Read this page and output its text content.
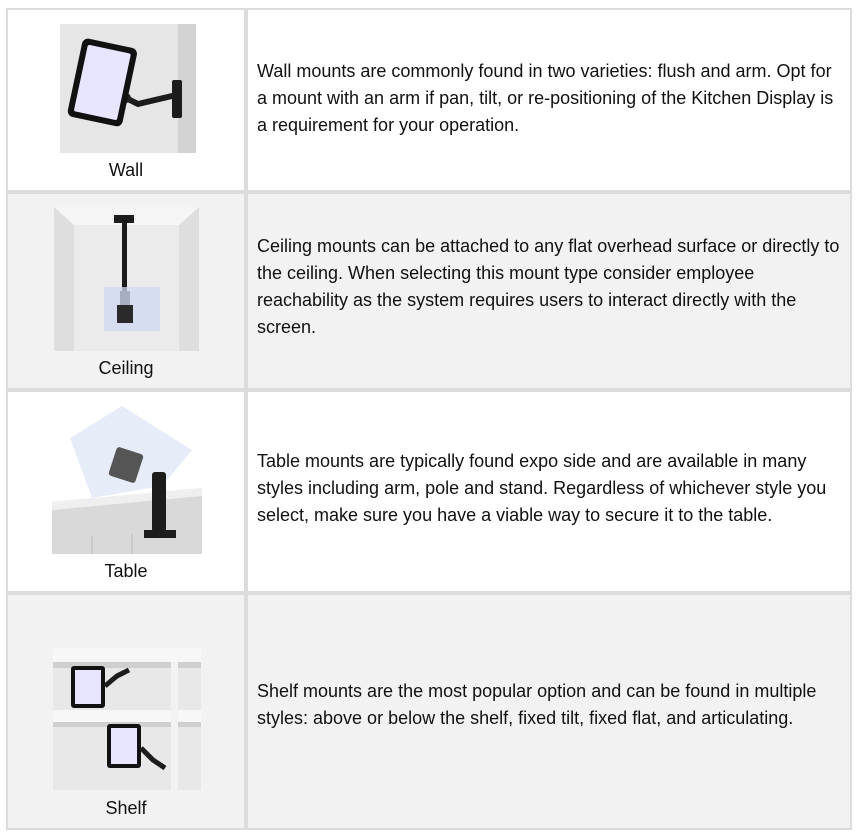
Wall

Wall mounts are commonly found in two varieties: flush and arm. Opt for a mount with an arm if pan, tilt, or re-positioning of the Kitchen Display is a requirement for your operation.

Ceiling

Ceiling mounts can be attached to any flat overhead surface or directly to the ceiling. When selecting this mount type consider employee reachability as the system requires users to interact directly with the screen.

Table

Table mounts are typically found expo side and are available in many styles including arm, pole and stand. Regardless of whichever style you select, make sure you have a viable way to secure it to the table.

Shelf

Shelf mounts are the most popular option and can be found in multiple styles: above or below the shelf, fixed tilt, fixed flat, and articulating.
